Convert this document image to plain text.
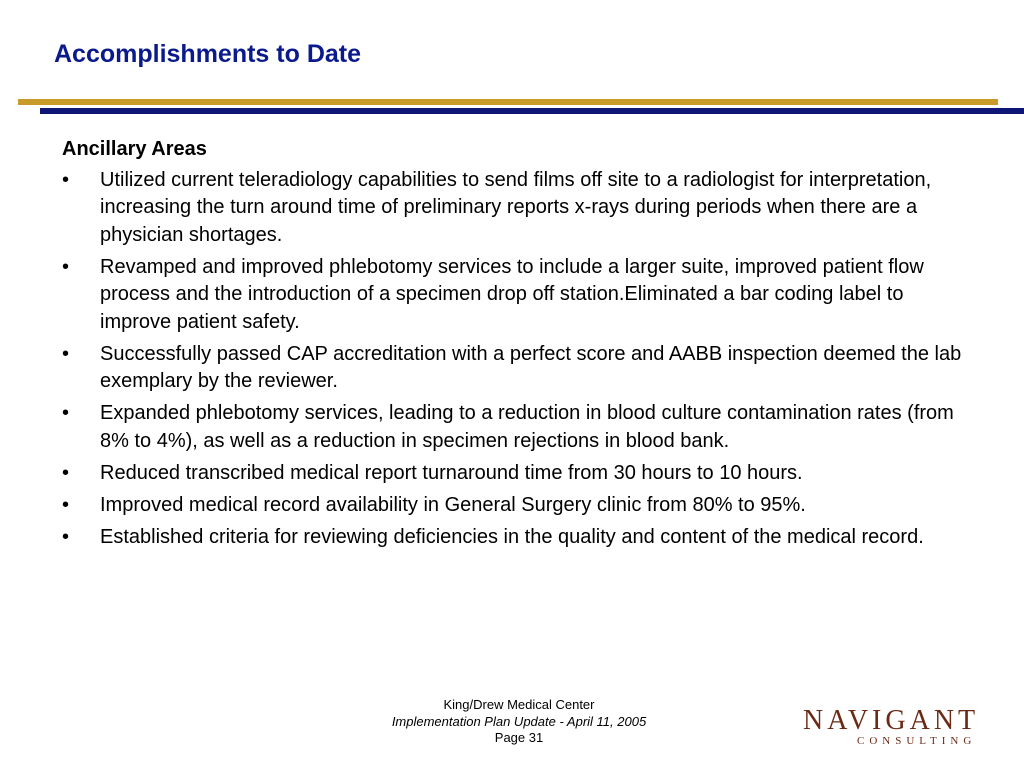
Accomplishments to Date
Ancillary Areas
•	Utilized current teleradiology capabilities to send films off site to a radiologist for interpretation, increasing the turn around time of preliminary reports x-rays during periods when there are a physician shortages.
•	Revamped and improved phlebotomy services to include a larger suite, improved patient flow process and the introduction of a specimen drop off station.Eliminated a bar coding label to improve patient safety.
•	Successfully passed CAP accreditation with a perfect score and AABB inspection deemed the lab exemplary by the reviewer.
•	Expanded phlebotomy services, leading to a reduction in blood culture contamination rates (from 8% to 4%), as well as a reduction in specimen rejections in blood bank.
•	Reduced transcribed medical report turnaround time from 30 hours to 10 hours.
•	Improved medical record availability in General Surgery clinic from 80% to 95%.
•	Established criteria for reviewing deficiencies in the quality and content of the medical record.
King/Drew Medical Center
Implementation Plan Update - April 11, 2005
Page 31
NAVIGANT
CONSULTING
